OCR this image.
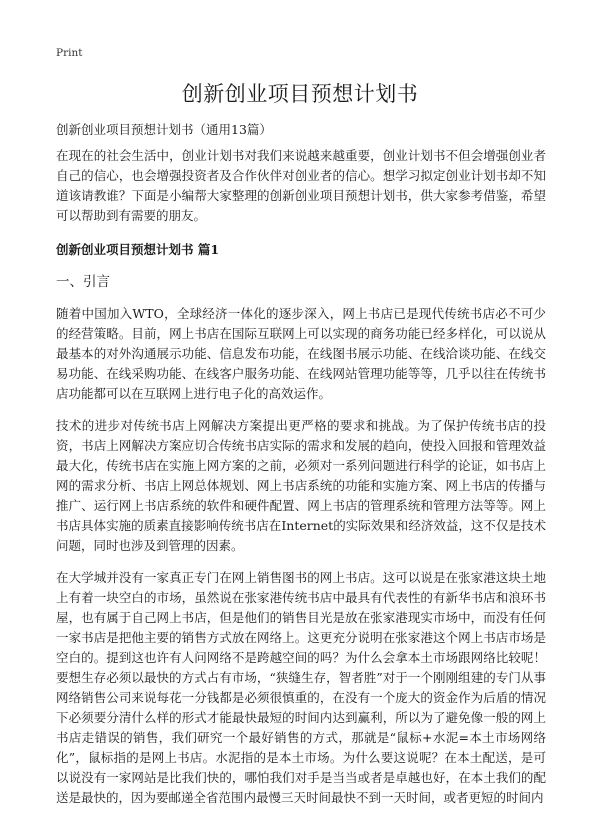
Print
创新创业项目预想计划书

创新创业项目预想计划书（通用13篇）

在现在的社会生活中，创业计划书对我们来说越来越重要，创业计划书不但会增强创业者自己的信心，也会增强投资者及合作伙伴对创业者的信心。想学习拟定创业计划书却不知道该请教谁？下面是小编帮大家整理的创新创业项目预想计划书，供大家参考借鉴，希望可以帮助到有需要的朋友。

创新创业项目预想计划书 篇1
一、引言

随着中国加入WTO，全球经济一体化的逐步深入，网上书店已是现代传统书店必不可少的经营策略。目前，网上书店在国际互联网上可以实现的商务功能已经多样化，可以说从最基本的对外沟通展示功能、信息发布功能，在线图书展示功能、在线洽谈功能、在线交易功能、在线采购功能、在线客户服务功能、在线网站管理功能等等，几乎以往在传统书店功能都可以在互联网上进行电子化的高效运作。

技术的进步对传统书店上网解决方案提出更严格的要求和挑战。为了保护传统书店的投资，书店上网解决方案应切合传统书店实际的需求和发展的趋向，使投入回报和管理效益最大化，传统书店在实施上网方案的之前，必须对一系列问题进行科学的论证，如书店上网的需求分析、书店上网总体规划、网上书店系统的功能和实施方案、网上书店的传播与推广、运行网上书店系统的软件和硬件配置、网上书店的管理系统和管理方法等等。网上书店具体实施的质素直接影响传统书店在Internet的实际效果和经济效益，这不仅是技术问题，同时也涉及到管理的因素。

在大学城并没有一家真正专门在网上销售图书的网上书店。这可以说是在张家港这块土地上有着一块空白的市场，虽然说在张家港传统书店中最具有代表性的有新华书店和浪环书屋，也有属于自己网上书店，但是他们的销售目光是放在张家港现实市场中，而没有任何一家书店是把他主要的销售方式放在网络上。这更充分说明在张家港这个网上书店市场是空白的。提到这也许有人问网络不是跨越空间的吗？为什么会拿本土市场跟网络比较呢！要想生存必须以最快的方式占有市场，“狭缝生存，智者胜”对于一个刚刚组建的专门从事网络销售公司来说每花一分钱都是必须很慎重的，在没有一个庞大的资金作为后盾的情况下必须要分清什么样的形式才能最快最短的时间内达到赢利，所以为了避免像一般的网上书店走错误的销售，我们研究一个最好销售的方式，那就是“鼠标+水泥=本土市场网络化”，鼠标指的是网上书店。水泥指的是本土市场。为什么要这说呢？在本土配送，是可以说没有一家网站是比我们快的，哪怕我们对手是当当或者是卓越也好，在本土我们的配送是最快的，因为要邮递全省范围内最慢三天时间最快不到一天时间，或者更短的时间内
